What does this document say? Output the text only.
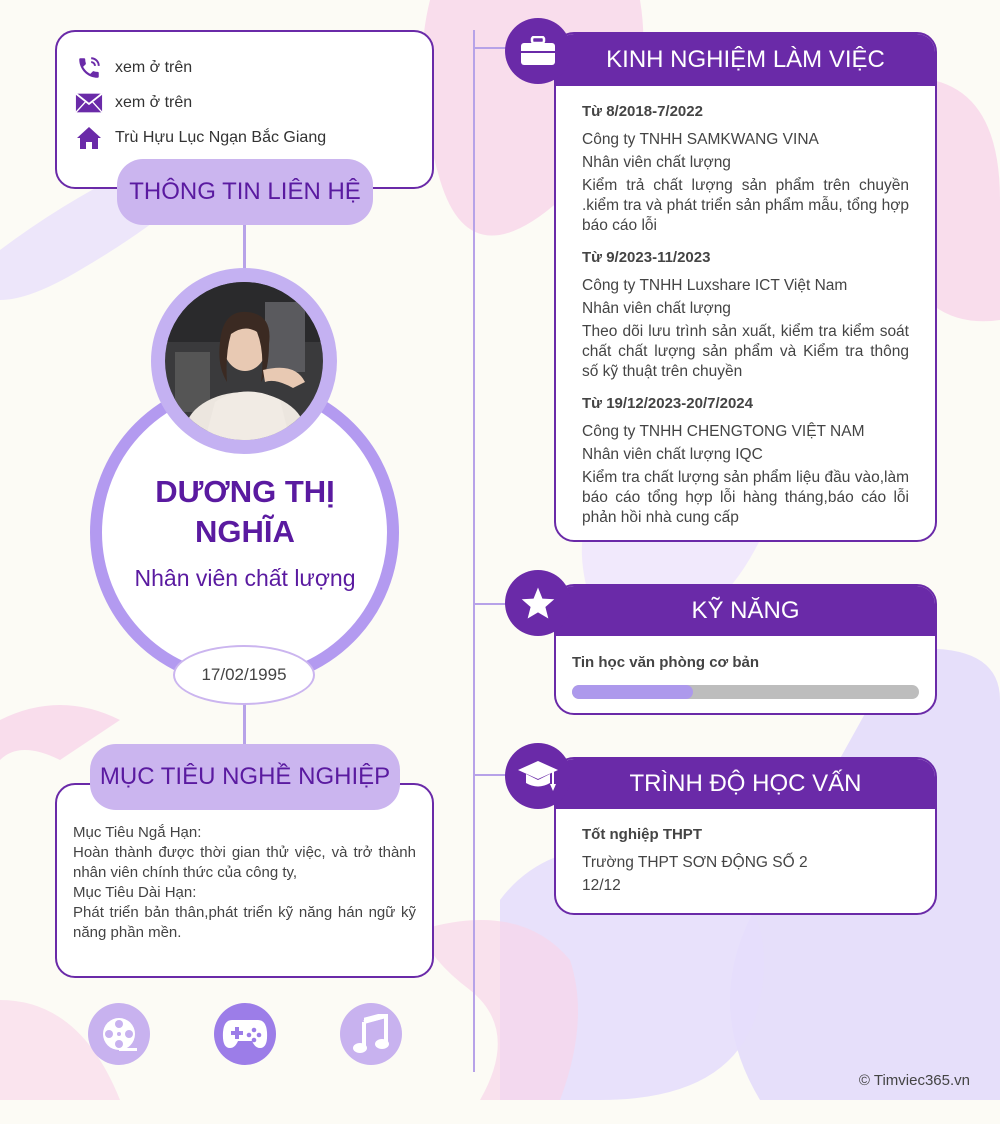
xem ở trên
xem ở trên
Trù Hựu Lục Ngạn Bắc Giang
THÔNG TIN LIÊN HỆ
DƯƠNG THỊ NGHĨA
Nhân viên chất lượng
17/02/1995
Mục Tiêu Ngắ Hạn:
Hoàn thành được thời gian thử việc, và trở thành nhân viên chính thức của công ty,
Mục Tiêu Dài Hạn:
Phát triển bản thân,phát triển kỹ năng hán ngữ kỹ năng phần mền.
MỤC TIÊU NGHỀ NGHIỆP
KINH NGHIỆM LÀM VIỆC
Từ 8/2018-7/2022
Công ty TNHH SAMKWANG VINA
Nhân viên chất lượng
Kiểm trả chất lượng sản phẩm trên chuyền .kiểm tra và phát triển sản phẩm mẫu, tổng hợp báo cáo lỗi
Từ 9/2023-11/2023
Công ty TNHH Luxshare ICT Việt Nam
Nhân viên chất lượng
Theo dõi lưu trình sản xuất, kiểm tra kiểm soát chất chất lượng sản phẩm và Kiểm tra thông số kỹ thuật trên chuyền
Từ 19/12/2023-20/7/2024
Công ty TNHH CHENGTONG VIỆT NAM
Nhân viên chất lượng IQC
Kiểm tra chất lượng sản phẩm liệu đầu vào,làm báo cáo tổng hợp lỗi hàng tháng,báo cáo lỗi phản hồi nhà cung cấp
KỸ NĂNG
Tin học văn phòng cơ bản
TRÌNH ĐỘ HỌC VẤN
Tốt nghiệp THPT
Trường THPT SƠN ĐỘNG SỐ 2
12/12
© Timviec365.vn
